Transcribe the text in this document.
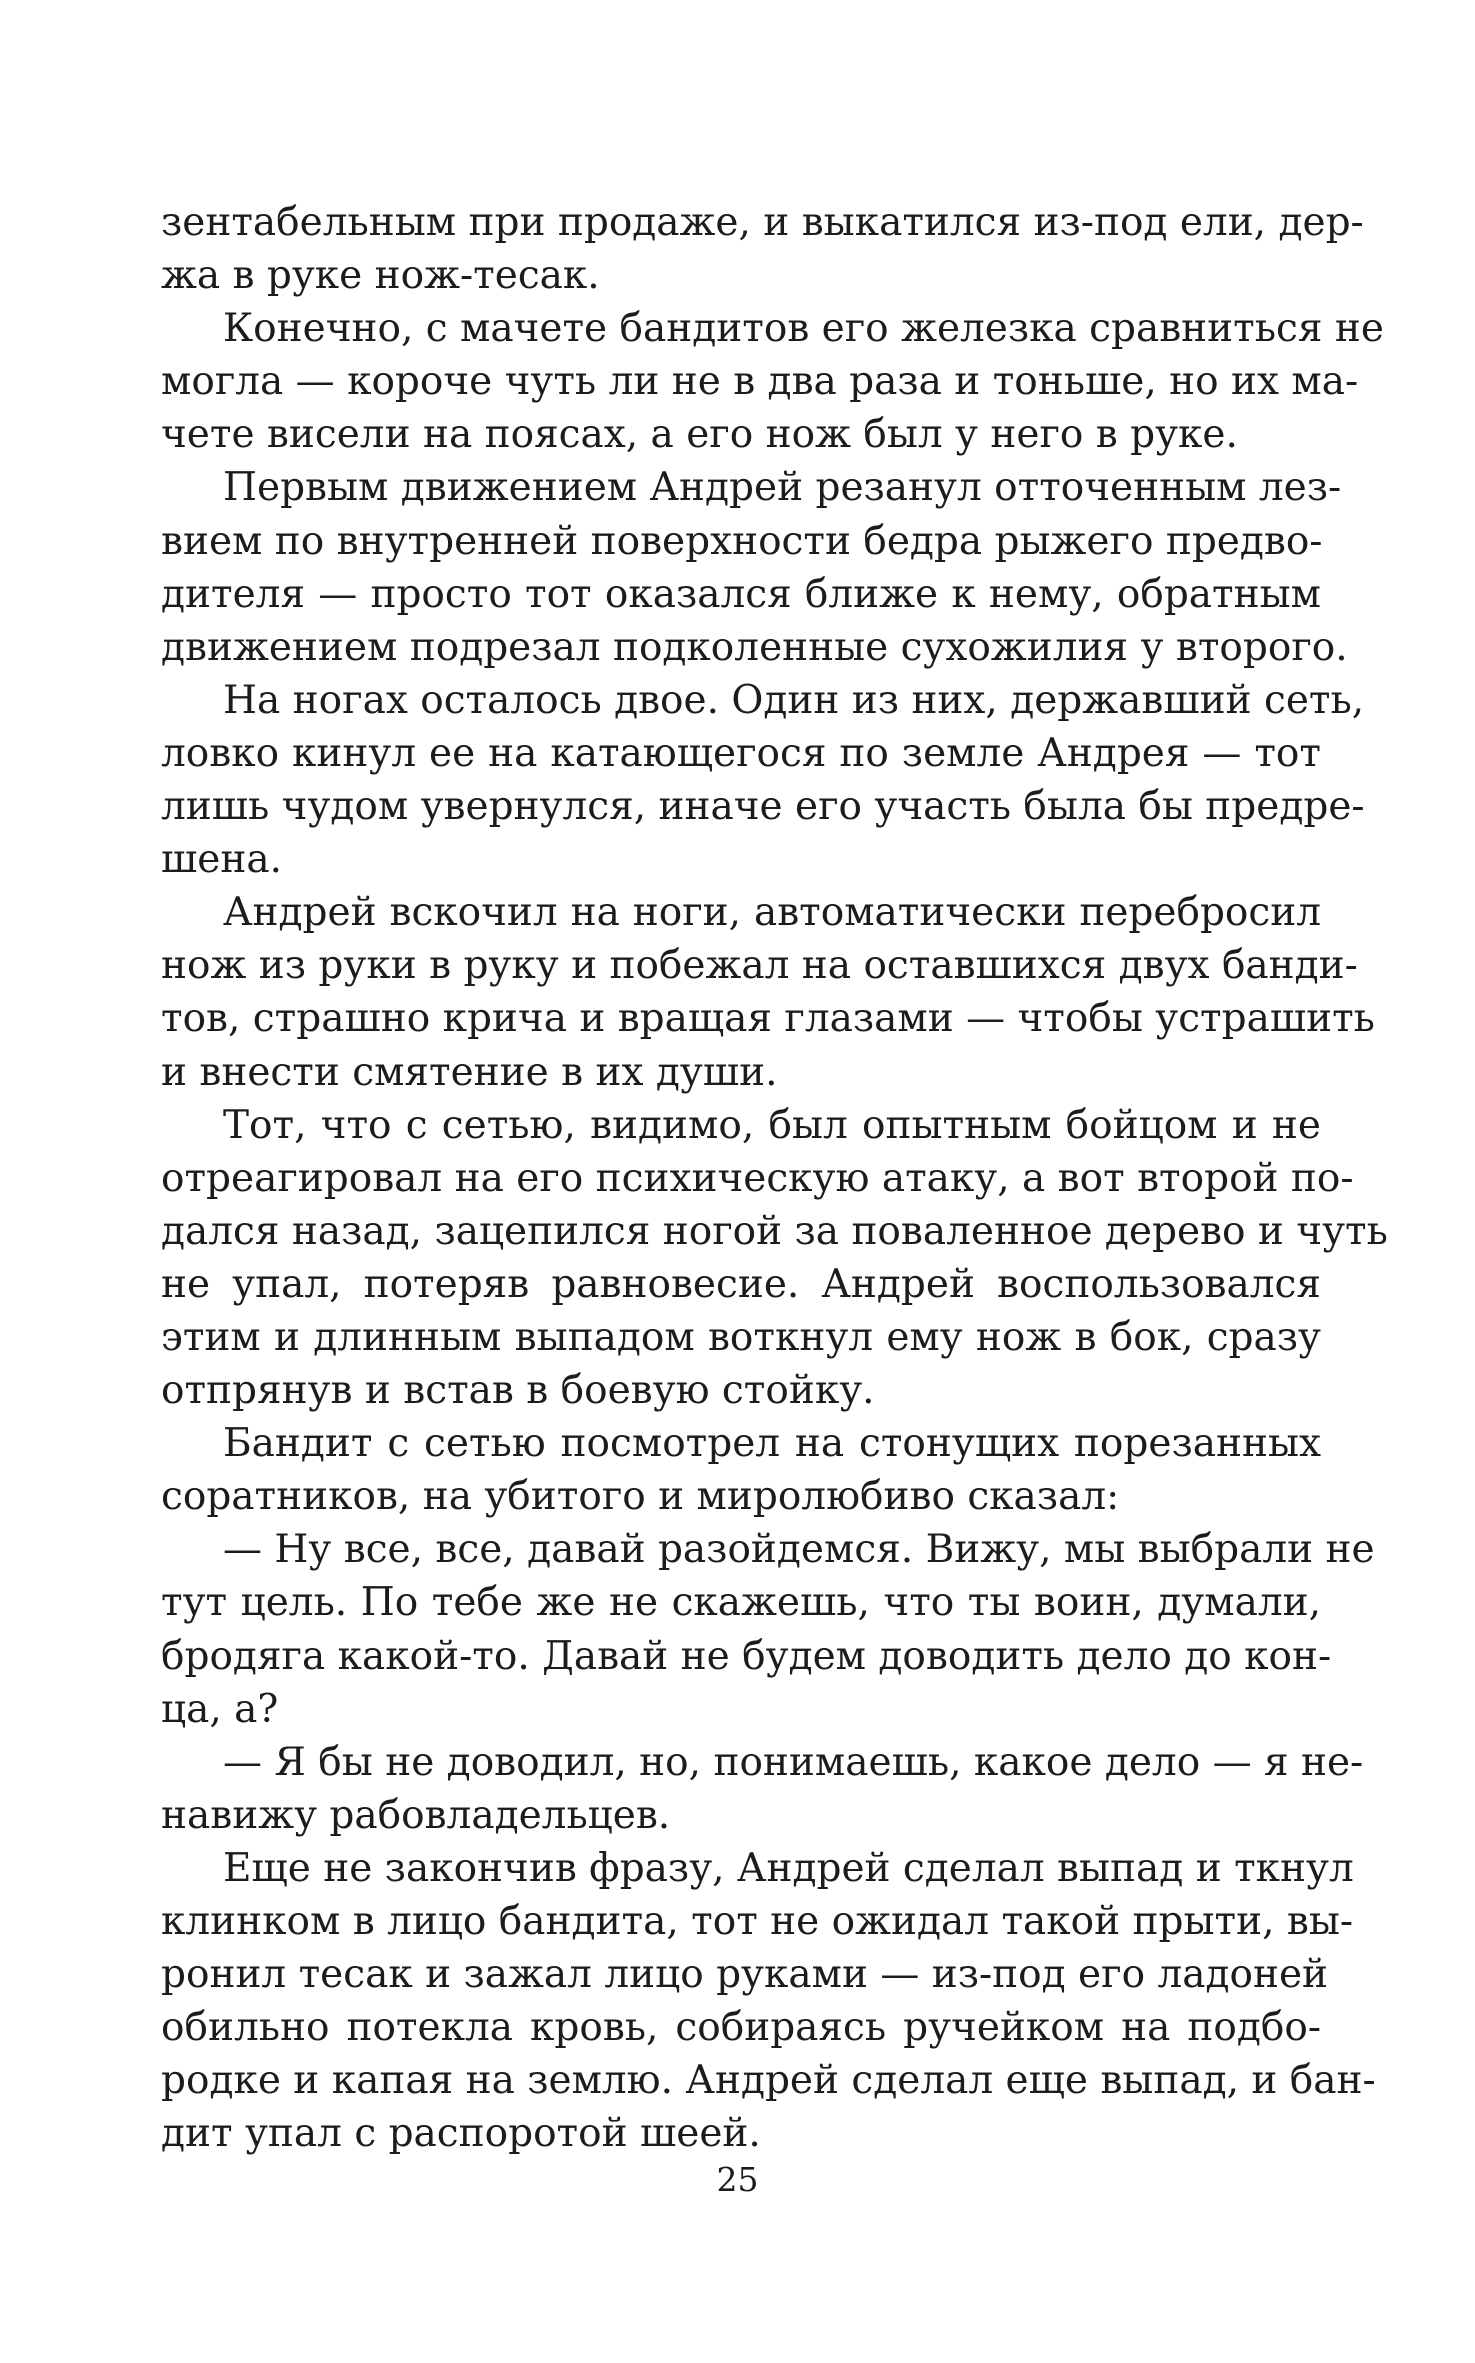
зентабельным при продаже, и выкатился из-под ели, дер-
жа в руке нож-тесак.
Конечно, с мачете бандитов его железка сравниться не
могла — короче чуть ли не в два раза и тоньше, но их ма-
чете висели на поясах, а его нож был у него в руке.
Первым движением Андрей резанул отточенным лез-
вием по внутренней поверхности бедра рыжего предво-
дителя — просто тот оказался ближе к нему, обратным
движением подрезал подколенные сухожилия у второго.
На ногах осталось двое. Один из них, державший сеть,
ловко кинул ее на катающегося по земле Андрея — тот
лишь чудом увернулся, иначе его участь была бы предре-
шена.
Андрей вскочил на ноги, автоматически перебросил
нож из руки в руку и побежал на оставшихся двух банди-
тов, страшно крича и вращая глазами — чтобы устрашить
и внести смятение в их души.
Тот, что с сетью, видимо, был опытным бойцом и не
отреагировал на его психическую атаку, а вот второй по-
дался назад, зацепился ногой за поваленное дерево и чуть
не упал, потеряв равновесие. Андрей воспользовался
этим и длинным выпадом воткнул ему нож в бок, сразу
отпрянув и встав в боевую стойку.
Бандит с сетью посмотрел на стонущих порезанных
соратников, на убитого и миролюбиво сказал:
— Ну все, все, давай разойдемся. Вижу, мы выбрали не
тут цель. По тебе же не скажешь, что ты воин, думали,
бродяга какой-то. Давай не будем доводить дело до кон-
ца, а?
— Я бы не доводил, но, понимаешь, какое дело — я не-
навижу рабовладельцев.
Еще не закончив фразу, Андрей сделал выпад и ткнул
клинком в лицо бандита, тот не ожидал такой прыти, вы-
ронил тесак и зажал лицо руками — из-под его ладоней
обильно потекла кровь, собираясь ручейком на подбо-
родке и капая на землю. Андрей сделал еще выпад, и бан-
дит упал с распоротой шеей.
25
